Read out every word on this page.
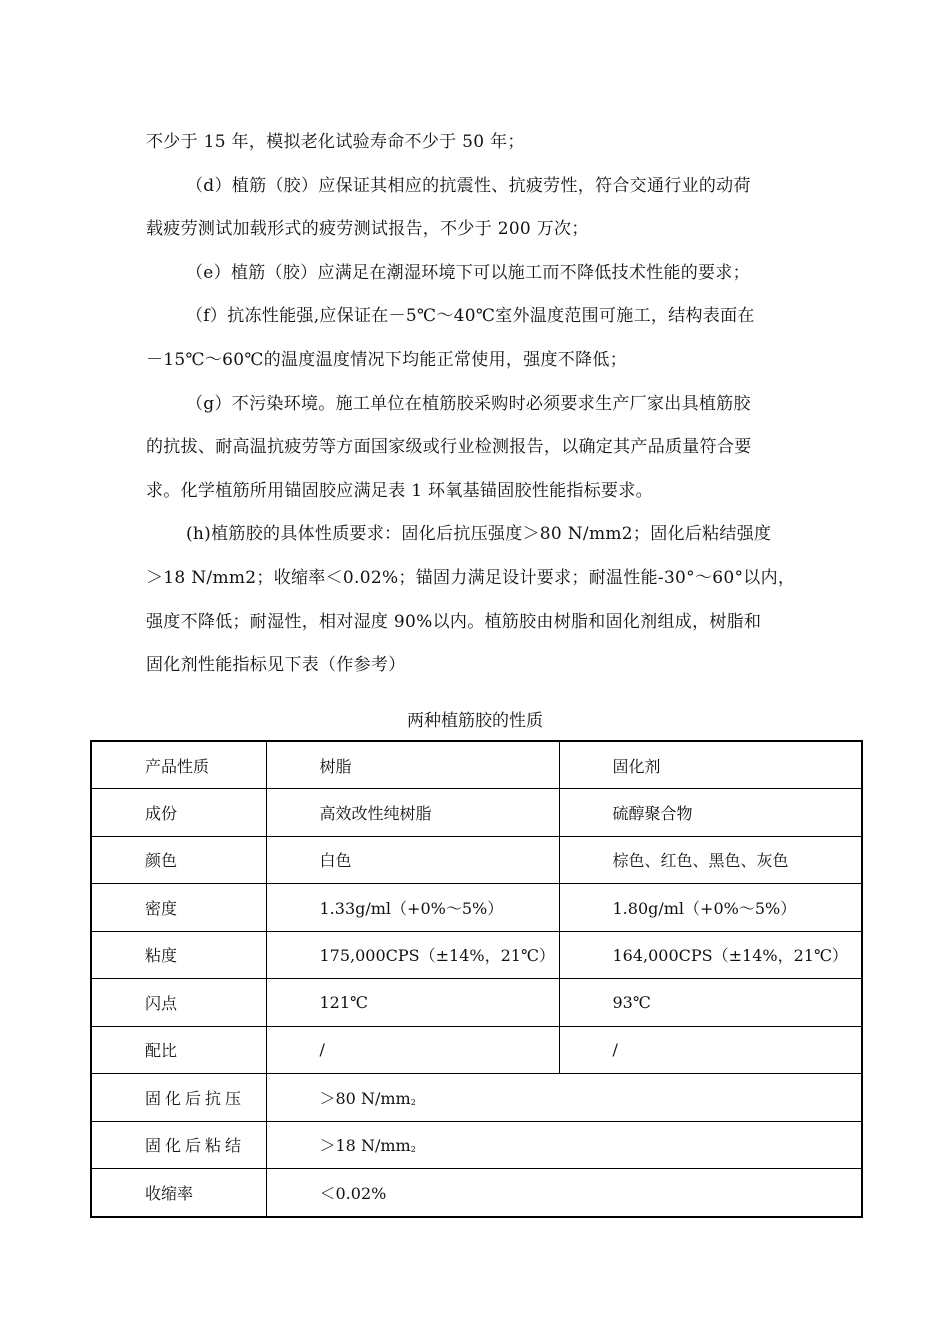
不少于 15 年，模拟老化试验寿命不少于 50 年；
（d）植筋（胶）应保证其相应的抗震性、抗疲劳性，符合交通行业的动荷
载疲劳测试加载形式的疲劳测试报告，不少于 200 万次；
（e）植筋（胶）应满足在潮湿环境下可以施工而不降低技术性能的要求；
（f）抗冻性能强,应保证在－5℃～40℃室外温度范围可施工，结构表面在
－15℃～60℃的温度温度情况下均能正常使用，强度不降低；
（g）不污染环境。施工单位在植筋胶采购时必须要求生产厂家出具植筋胶
的抗拔、耐高温抗疲劳等方面国家级或行业检测报告，以确定其产品质量符合要
求。化学植筋所用锚固胶应满足表 1 环氧基锚固胶性能指标要求。
(h)植筋胶的具体性质要求：固化后抗压强度＞80 N/mm2；固化后粘结强度
＞18 N/mm2；收缩率＜0.02%；锚固力满足设计要求；耐温性能-30°～60°以内，
强度不降低；耐湿性，相对湿度 90%以内。植筋胶由树脂和固化剂组成，树脂和
固化剂性能指标见下表（作参考）
两种植筋胶的性质
产品性质	树脂	固化剂
成份	高效改性纯树脂	硫醇聚合物
颜色	白色	棕色、红色、黑色、灰色
密度	1.33g/ml（+0%～5%）	1.80g/ml（+0%～5%）
粘度	175,000CPS（±14%，21℃）	164,000CPS（±14%，21℃）
闪点	121℃	93℃
配比	/	/
固化后抗压	＞80 $N/mm^2$
固化后粘结	＞18 $N/mm^2$
收缩率	＜0.02%	
